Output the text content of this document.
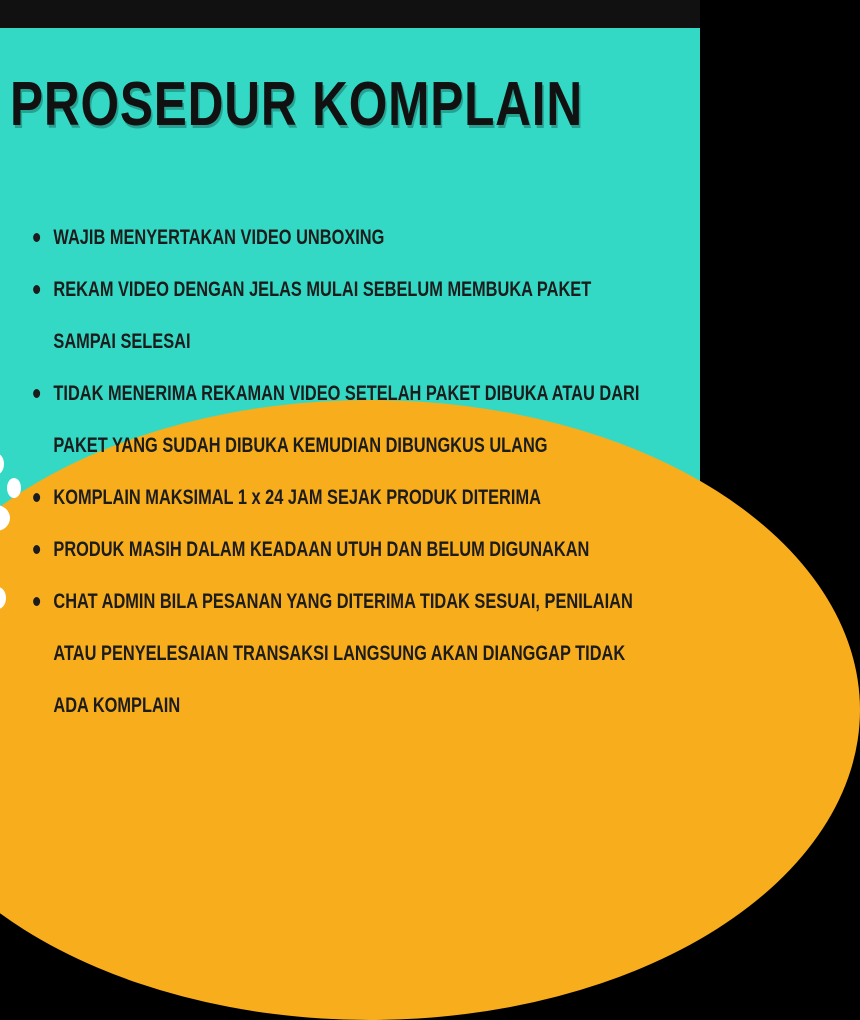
PROSEDUR KOMPLAIN
WAJIB MENYERTAKAN VIDEO UNBOXING
REKAM VIDEO DENGAN JELAS MULAI SEBELUM MEMBUKA PAKET
SAMPAI SELESAI
TIDAK MENERIMA REKAMAN VIDEO SETELAH PAKET DIBUKA ATAU DARI
PAKET YANG SUDAH DIBUKA KEMUDIAN DIBUNGKUS ULANG
KOMPLAIN MAKSIMAL 1 x 24 JAM SEJAK PRODUK DITERIMA
PRODUK MASIH DALAM KEADAAN UTUH DAN BELUM DIGUNAKAN
CHAT ADMIN BILA PESANAN YANG DITERIMA TIDAK SESUAI, PENILAIAN
ATAU PENYELESAIAN TRANSAKSI LANGSUNG AKAN DIANGGAP TIDAK
ADA KOMPLAIN
